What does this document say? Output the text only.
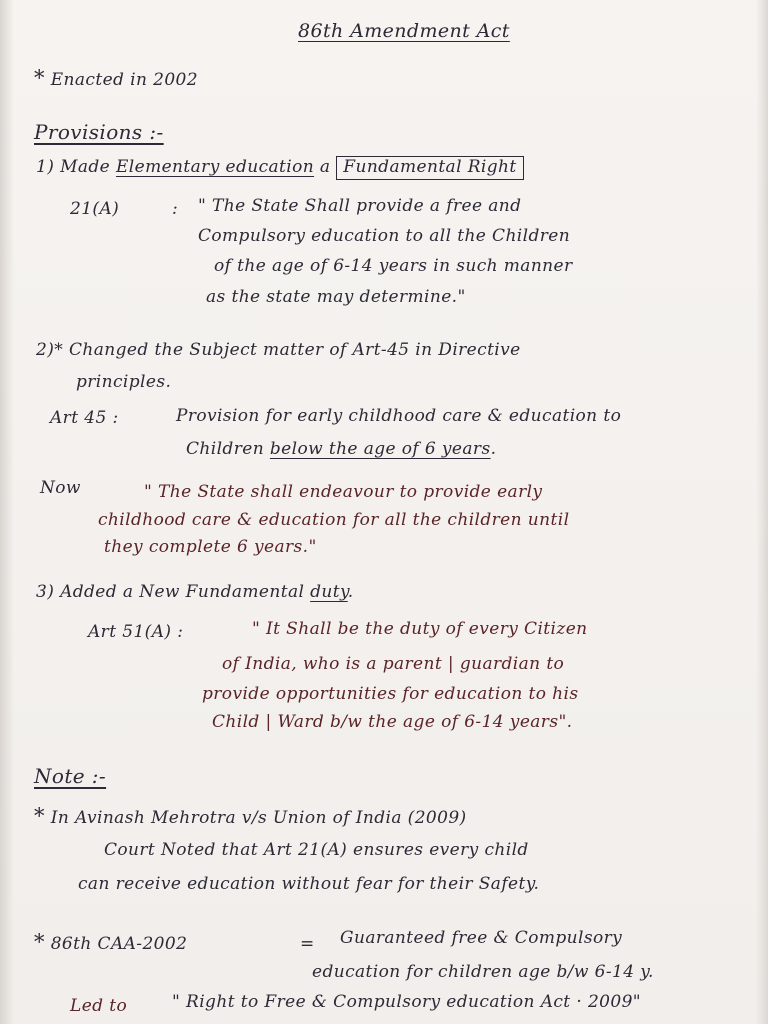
86th Amendment Act
* Enacted in 2002
Provisions :-
1) Made Elementary education a Fundamental Right
21(A)	: " The State Shall provide a free and
Compulsory education to all the Children
of the age of 6-14 years in such manner
as the state may determine."
2)* Changed the Subject matter of Art-45 in Directive
principles.
Art 45 :	Provision for early childhood care & education to
Children below the age of 6 years.
Now	" The State shall endeavour to provide early
childhood care & education for all the children until
they complete 6 years."
3) Added a New Fundamental duty.
Art 51(A) :	" It Shall be the duty of every Citizen
of India, who is a parent | guardian to
provide opportunities for education to his
Child | Ward b/w the age of 6-14 years".
Note :-
* In Avinash Mehrotra v/s Union of India (2009)
Court Noted that Art 21(A) ensures every child
can receive education without fear for their Safety.
* 86th CAA-2002	= Guaranteed free & Compulsory
education for children age b/w 6-14 y.
Led to	" Right to Free & Compulsory education Act · 2009"
